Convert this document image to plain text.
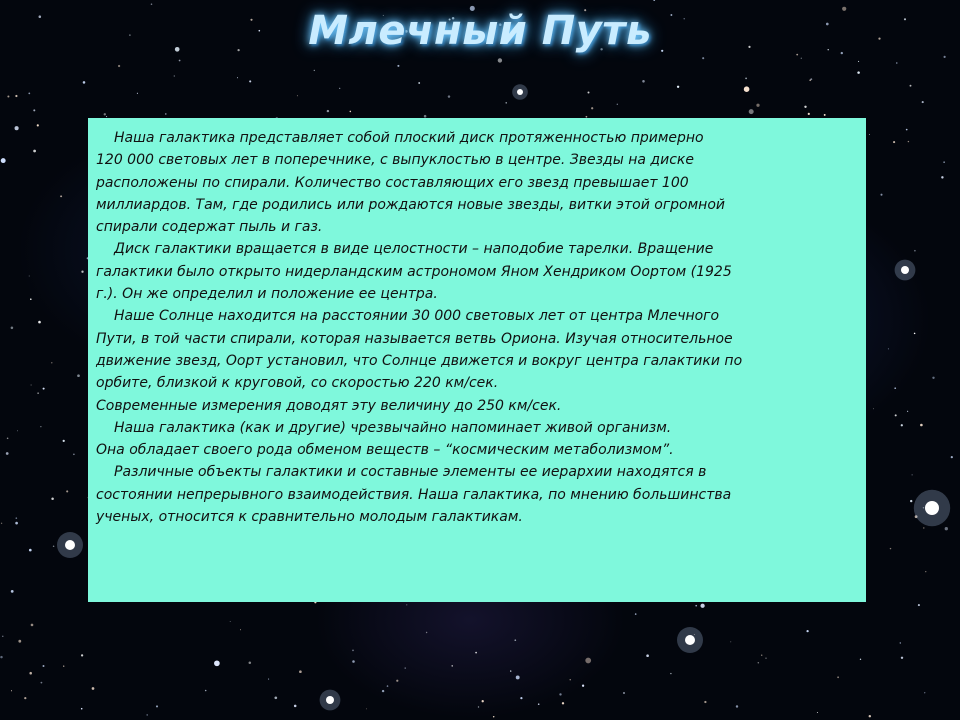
Млечный Путь

Наша галактика представляет собой плоский диск протяженностью примерно

120 000 световых лет в поперечнике, с выпуклостью в центре. Звезды на диске

расположены по спирали. Количество составляющих его звезд превышает 100

миллиардов. Там, где родились или рождаются новые звезды, витки этой огромной

спирали содержат пыль и газ.

Диск галактики вращается в виде целостности – наподобие тарелки. Вращение

галактики было открыто нидерландским астрономом Яном Хендриком Оортом (1925

г.). Он же определил и положение ее центра.

Наше Солнце находится на расстоянии 30 000 световых лет от центра Млечного

Пути, в той части спирали, которая называется ветвь Ориона. Изучая относительное

движение звезд, Оорт установил, что Солнце движется и вокруг центра галактики по

орбите, близкой к круговой, со скоростью 220 км/сек.

Современные измерения доводят эту величину до 250 км/сек.

Наша галактика (как и другие) чрезвычайно напоминает живой организм.

Она обладает своего рода обменом веществ – “космическим метаболизмом”.

Различные объекты галактики и составные элементы ее иерархии находятся в

состоянии непрерывного взаимодействия. Наша галактика, по мнению большинства

ученых, относится к сравнительно молодым галактикам.
